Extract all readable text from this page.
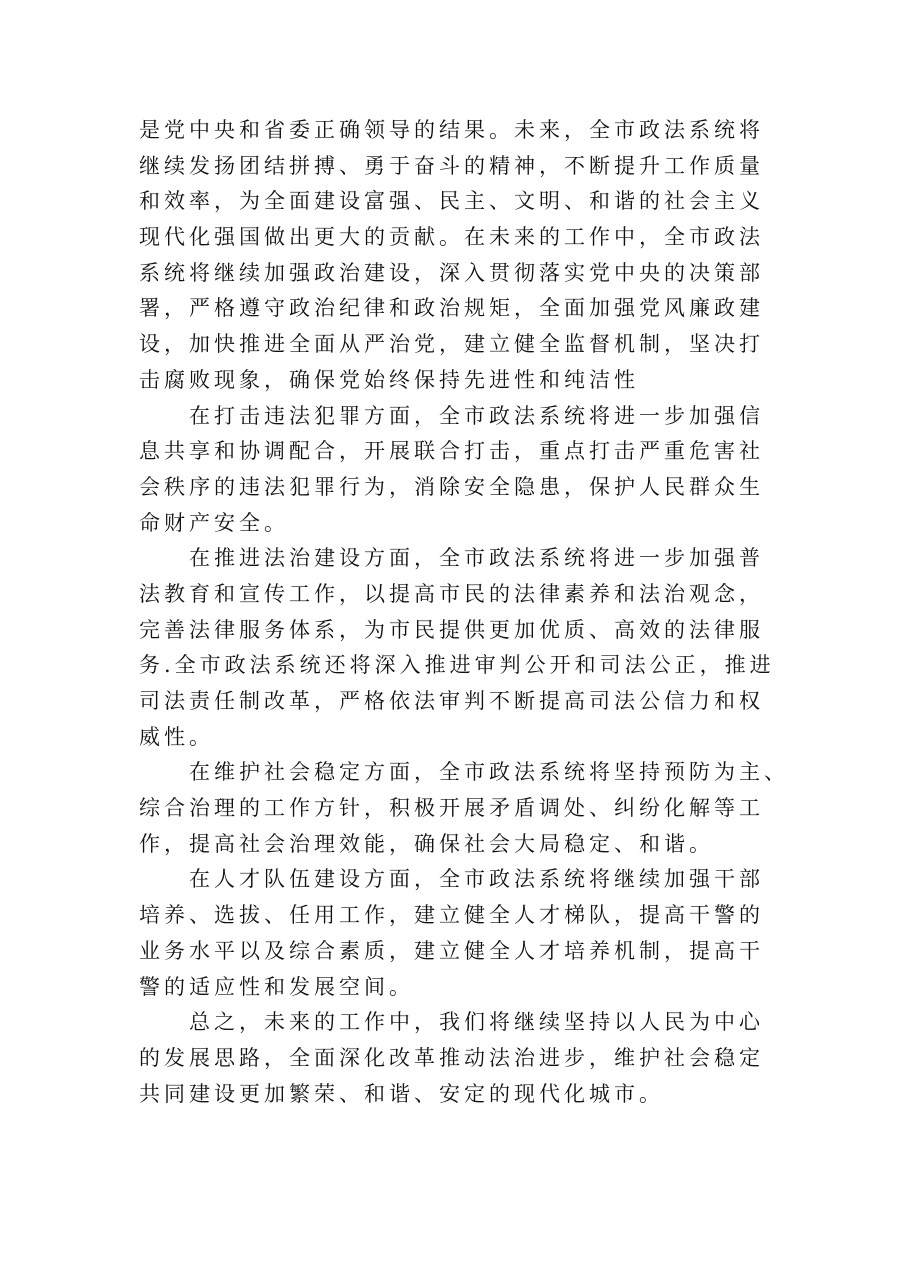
是党中央和省委正确领导的结果。未来，全市政法系统将
继续发扬团结拼搏、勇于奋斗的精神，不断提升工作质量
和效率，为全面建设富强、民主、文明、和谐的社会主义
现代化强国做出更大的贡献。在未来的工作中，全市政法
系统将继续加强政治建设，深入贯彻落实党中央的决策部
署，严格遵守政治纪律和政治规矩，全面加强党风廉政建
设，加快推进全面从严治党，建立健全监督机制，坚决打
击腐败现象，确保党始终保持先进性和纯洁性

　　在打击违法犯罪方面，全市政法系统将进一步加强信
息共享和协调配合，开展联合打击，重点打击严重危害社
会秩序的违法犯罪行为，消除安全隐患，保护人民群众生
命财产安全。

　　在推进法治建设方面，全市政法系统将进一步加强普
法教育和宣传工作，以提高市民的法律素养和法治观念，
完善法律服务体系，为市民提供更加优质、高效的法律服
务.全市政法系统还将深入推进审判公开和司法公正，推进
司法责任制改革，严格依法审判不断提高司法公信力和权
威性。

　　在维护社会稳定方面，全市政法系统将坚持预防为主、
综合治理的工作方针，积极开展矛盾调处、纠纷化解等工
作，提高社会治理效能，确保社会大局稳定、和谐。

　　在人才队伍建设方面，全市政法系统将继续加强干部
培养、选拔、任用工作，建立健全人才梯队，提高干警的
业务水平以及综合素质，建立健全人才培养机制，提高干
警的适应性和发展空间。

　　总之，未来的工作中，我们将继续坚持以人民为中心
的发展思路，全面深化改革推动法治进步，维护社会稳定
共同建设更加繁荣、和谐、安定的现代化城市。
